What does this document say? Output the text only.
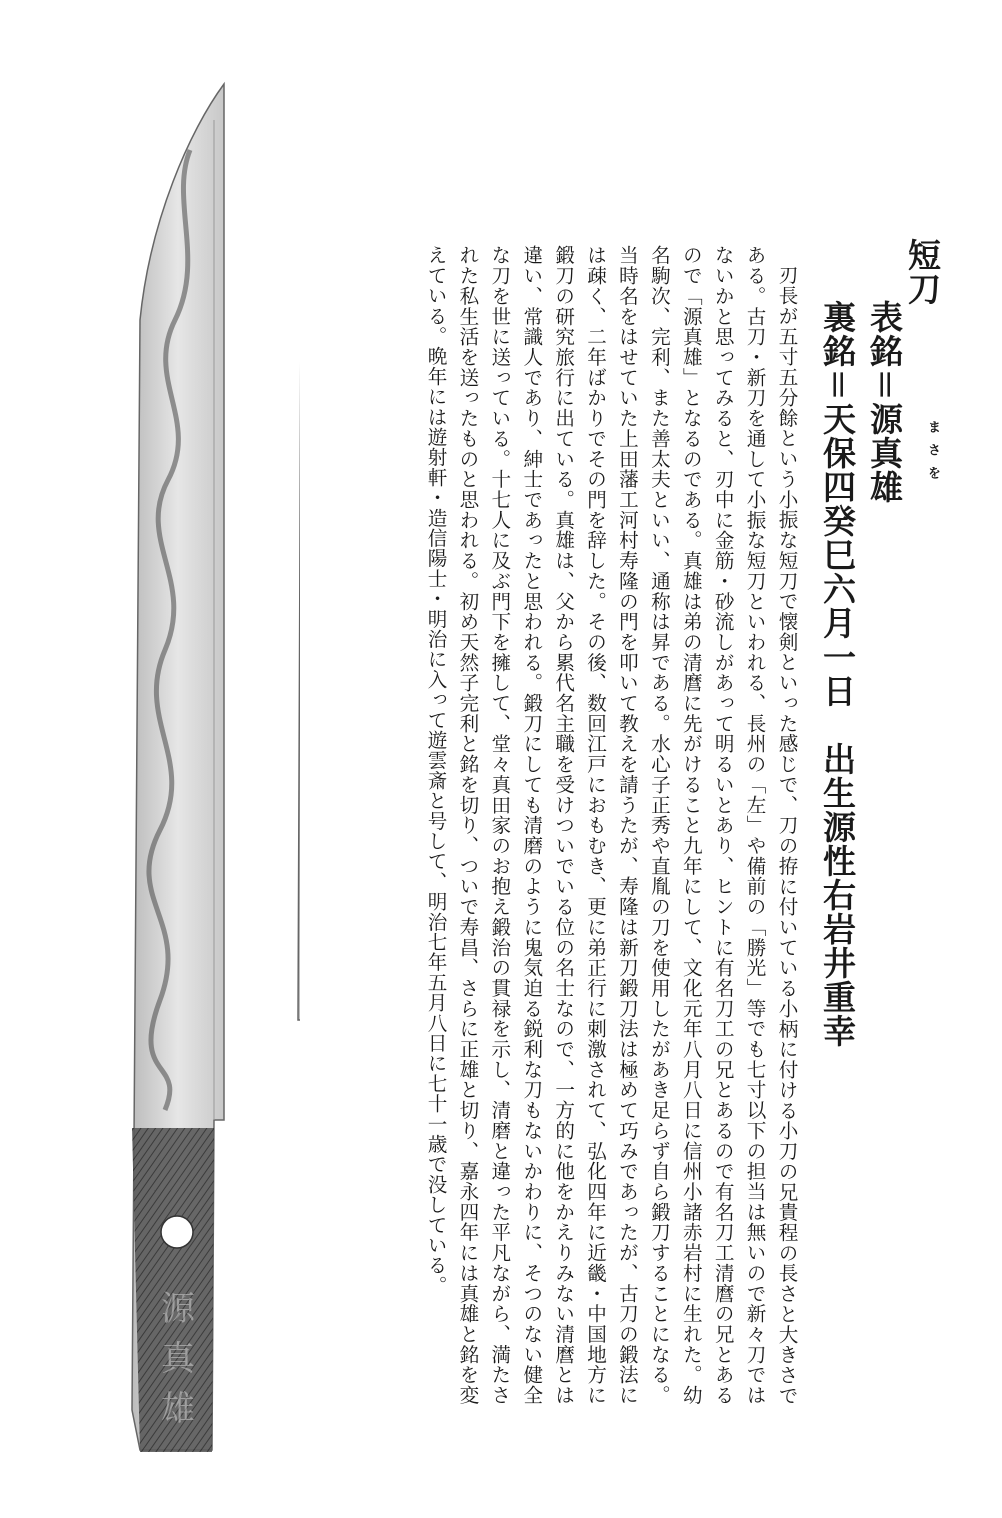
源
真
雄
短刀
表銘＝源真雄 まさを
裏銘＝天保四癸巳六月一日　出生源性右岩井重幸

刃長が五寸五分餘という小振な短刀で懐剣といった感じで、刀の拵に付いている小柄に付ける小刀の兄貴程の長さと大きさである。古刀・新刀を通して小振な短刀といわれる、長州の「左」や備前の「勝光」等でも七寸以下の担当は無いので新々刀ではないかと思ってみると、刃中に金筋・砂流しがあって明るいとあり、ヒントに有名刀工の兄とあるので有名刀工清麿の兄とあるので「源真雄」となるのである。真雄は弟の清麿に先がけること九年にして、文化元年八月八日に信州小諸赤岩村に生れた。幼名駒次、完利、また善太夫といい、通称は昇である。水心子正秀や直胤の刀を使用したがあき足らず自ら鍛刀することになる。当時名をはせていた上田藩工河村寿隆の門を叩いて教えを請うたが、寿隆は新刀鍛刀法は極めて巧みであったが、古刀の鍛法には疎く、二年ばかりでその門を辞した。その後、数回江戸におもむき、更に弟正行に刺激されて、弘化四年に近畿・中国地方に鍛刀の研究旅行に出ている。真雄は、父から累代名主職を受けついでいる位の名士なので、一方的に他をかえりみない清麿とは違い、常識人であり、紳士であったと思われる。鍛刀にしても清磨のように鬼気迫る鋭利な刀もないかわりに、そつのない健全な刀を世に送っている。十七人に及ぶ門下を擁して、堂々真田家のお抱え鍛治の貫禄を示し、清磨と違った平凡ながら、満たされた私生活を送ったものと思われる。初め天然子完利と銘を切り、ついで寿昌、さらに正雄と切り、嘉永四年には真雄と銘を変えている。晩年には遊射軒・造信陽士・明治に入って遊雲斎と号して、明治七年五月八日に七十一歳で没している。
